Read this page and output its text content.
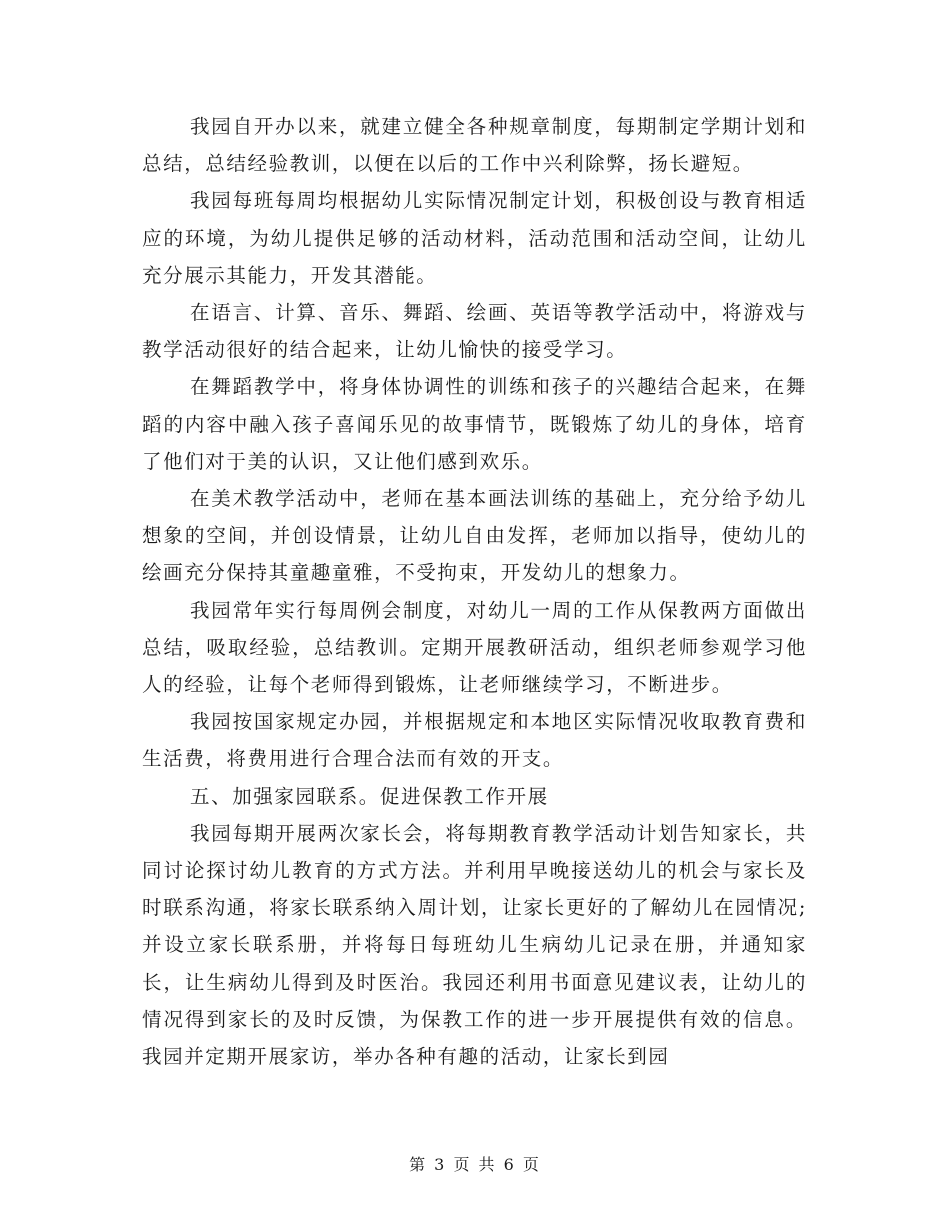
我园自开办以来，就建立健全各种规章制度，每期制定学期计划和总结，总结经验教训，以便在以后的工作中兴利除弊，扬长避短。

我园每班每周均根据幼儿实际情况制定计划，积极创设与教育相适应的环境，为幼儿提供足够的活动材料，活动范围和活动空间，让幼儿充分展示其能力，开发其潜能。

在语言、计算、音乐、舞蹈、绘画、英语等教学活动中，将游戏与教学活动很好的结合起来，让幼儿愉快的接受学习。

在舞蹈教学中，将身体协调性的训练和孩子的兴趣结合起来，在舞蹈的内容中融入孩子喜闻乐见的故事情节，既锻炼了幼儿的身体，培育了他们对于美的认识，又让他们感到欢乐。

在美术教学活动中，老师在基本画法训练的基础上，充分给予幼儿想象的空间，并创设情景，让幼儿自由发挥，老师加以指导，使幼儿的绘画充分保持其童趣童雅，不受拘束，开发幼儿的想象力。

我园常年实行每周例会制度，对幼儿一周的工作从保教两方面做出总结，吸取经验，总结教训。定期开展教研活动，组织老师参观学习他人的经验，让每个老师得到锻炼，让老师继续学习，不断进步。

我园按国家规定办园，并根据规定和本地区实际情况收取教育费和生活费，将费用进行合理合法而有效的开支。

五、加强家园联系。促进保教工作开展

我园每期开展两次家长会，将每期教育教学活动计划告知家长，共同讨论探讨幼儿教育的方式方法。并利用早晚接送幼儿的机会与家长及时联系沟通，将家长联系纳入周计划，让家长更好的了解幼儿在园情况;并设立家长联系册，并将每日每班幼儿生病幼儿记录在册，并通知家长，让生病幼儿得到及时医治。我园还利用书面意见建议表，让幼儿的情况得到家长的及时反馈，为保教工作的进一步开展提供有效的信息。我园并定期开展家访，举办各种有趣的活动，让家长到园

第 3 页 共 6 页
